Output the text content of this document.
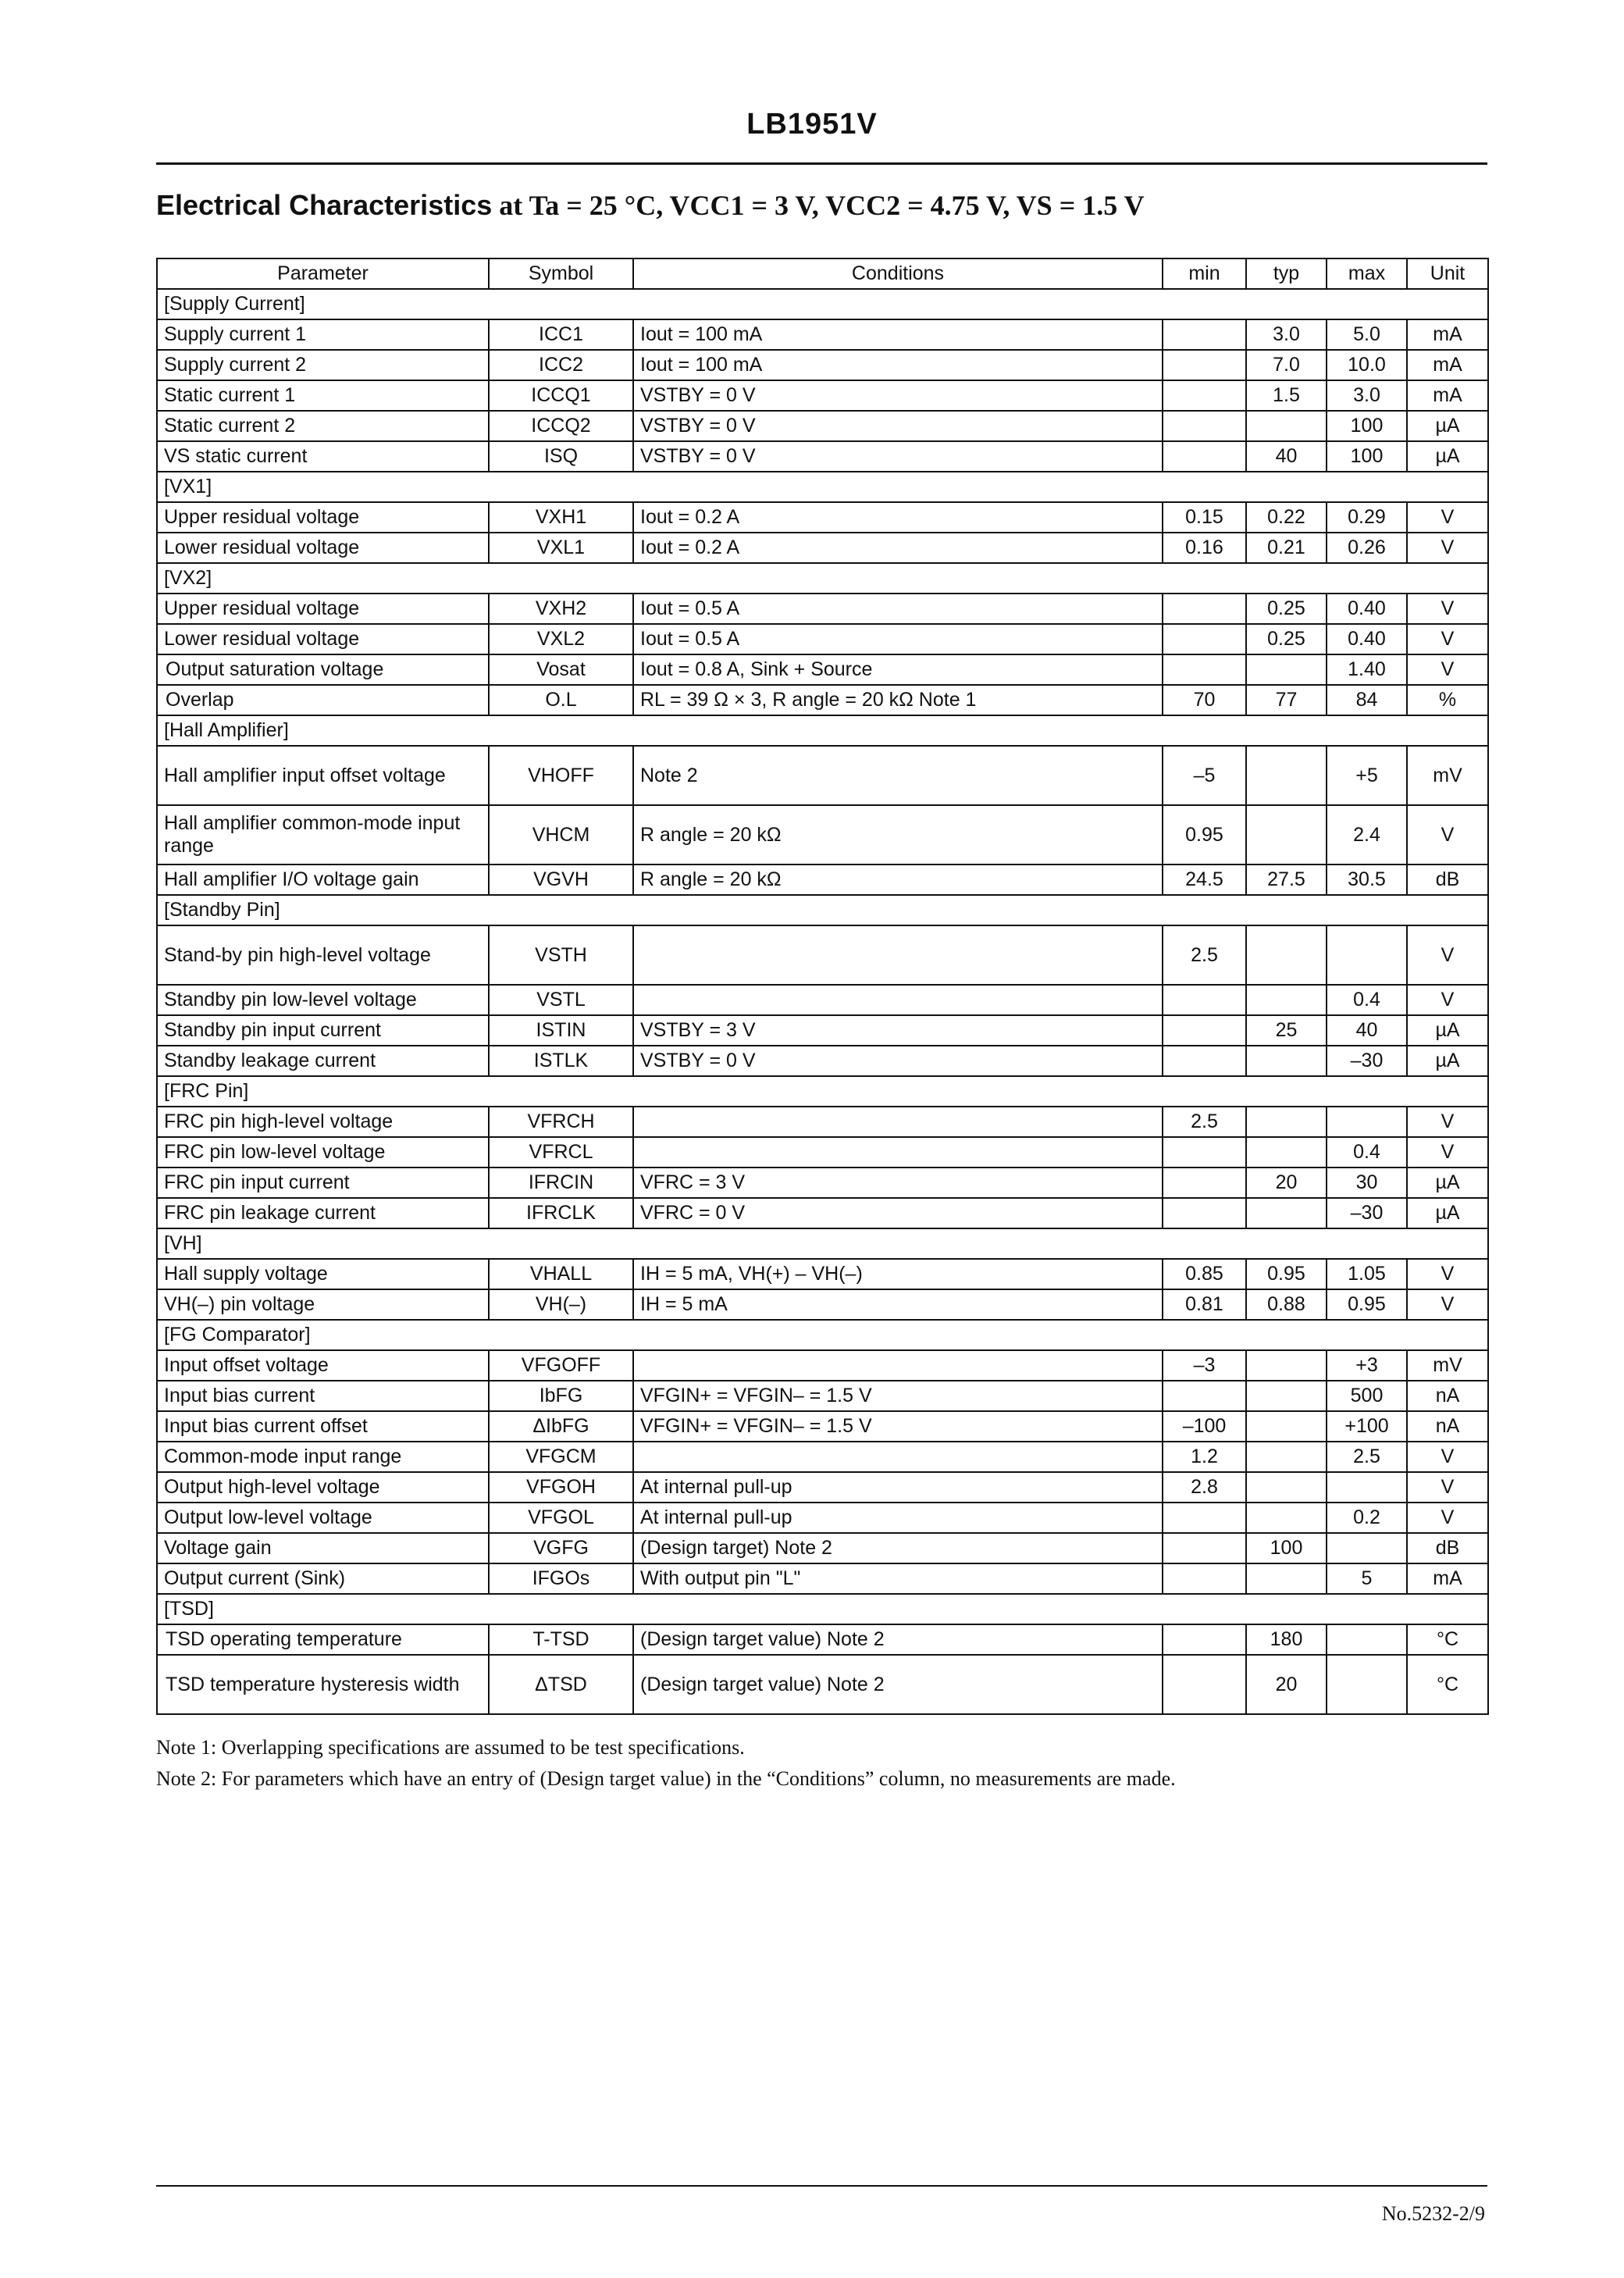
LB1951V
Electrical Characteristics at Ta = 25 °C, VCC1 = 3 V, VCC2 = 4.75 V, VS = 1.5 V
Parameter	Symbol	Conditions	min	typ	max	Unit
[Supply Current]						
Supply current 1	ICC1	Iout = 100 mA		3.0	5.0	mA
Supply current 2	ICC2	Iout = 100 mA		7.0	10.0	mA
Static current 1	ICCQ1	VSTBY = 0 V		1.5	3.0	mA
Static current 2	ICCQ2	VSTBY = 0 V			100	µA
VS static current	ISQ	VSTBY = 0 V		40	100	µA
[VX1]						
Upper residual voltage	VXH1	Iout = 0.2 A	0.15	0.22	0.29	V
Lower residual voltage	VXL1	Iout = 0.2 A	0.16	0.21	0.26	V
[VX2]						
Upper residual voltage	VXH2	Iout = 0.5 A		0.25	0.40	V
Lower residual voltage	VXL2	Iout = 0.5 A		0.25	0.40	V
Output saturation voltage	Vosat	Iout = 0.8 A, Sink + Source			1.40	V
Overlap	O.L	RL = 39 Ω × 3, R angle = 20 kΩ Note 1	70	77	84	%
[Hall Amplifier]						
Hall amplifier input offset voltage	VHOFF	Note 2	–5		+5	mV
Hall amplifier common-mode input range	VHCM	R angle = 20 kΩ	0.95		2.4	V
Hall amplifier I/O voltage gain	VGVH	R angle = 20 kΩ	24.5	27.5	30.5	dB
[Standby Pin]						
Stand-by pin high-level voltage	VSTH		2.5			V
Standby pin low-level voltage	VSTL				0.4	V
Standby pin input current	ISTIN	VSTBY = 3 V		25	40	µA
Standby leakage current	ISTLK	VSTBY = 0 V			–30	µA
[FRC Pin]						
FRC pin high-level voltage	VFRCH		2.5			V
FRC pin low-level voltage	VFRCL				0.4	V
FRC pin input current	IFRCIN	VFRC = 3 V		20	30	µA
FRC pin leakage current	IFRCLK	VFRC = 0 V			–30	µA
[VH]						
Hall supply voltage	VHALL	IH = 5 mA, VH(+) – VH(–)	0.85	0.95	1.05	V
VH(–) pin voltage	VH(–)	IH = 5 mA	0.81	0.88	0.95	V
[FG Comparator]						
Input offset voltage	VFGOFF		–3		+3	mV
Input bias current	IbFG	VFGIN+ = VFGIN– = 1.5 V			500	nA
Input bias current offset	ΔIbFG	VFGIN+ = VFGIN– = 1.5 V	–100		+100	nA
Common-mode input range	VFGCM		1.2		2.5	V
Output high-level voltage	VFGOH	At internal pull-up	2.8			V
Output low-level voltage	VFGOL	At internal pull-up			0.2	V
Voltage gain	VGFG	(Design target) Note 2		100		dB
Output current (Sink)	IFGOs	With output pin "L"			5	mA
[TSD]						
TSD operating temperature	T-TSD	(Design target value) Note 2		180		°C
TSD temperature hysteresis width	ΔTSD	(Design target value) Note 2		20		°C
Note 1: Overlapping specifications are assumed to be test specifications.
Note 2: For parameters which have an entry of (Design target value) in the “Conditions” column, no measurements are made.
No.5232-2/9
